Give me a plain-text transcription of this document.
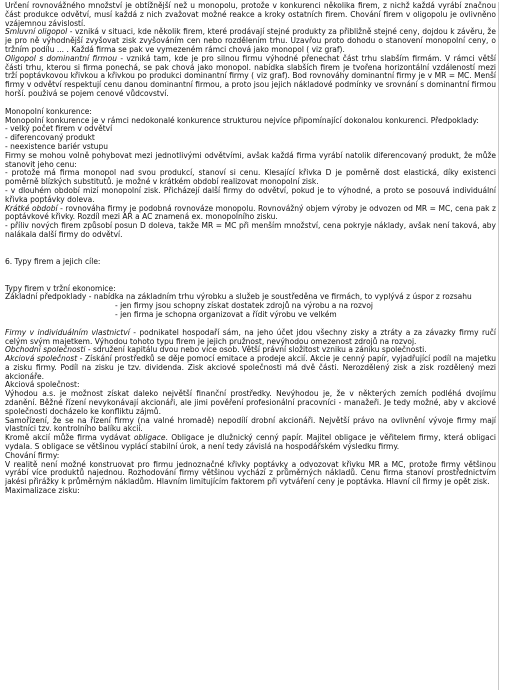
Určení rovnovážného množství je obtížnější než u monopolu, protože v konkurenci několika firem, z nichž každá vyrábí značnou část produkce odvětví, musí každá z nich zvažovat možné reakce a kroky ostatních firem. Chování firem v oligopolu je ovlivněno vzájemnou závislostí.

Smluvní oligopol - vzniká v situaci, kde několik firem, které prodávají stejné produkty za přibližně stejné ceny, dojdou k závěru, že je pro ně výhodnější zvyšovat zisk zvyšováním cen nebo rozdělením trhu. Uzavřou proto dohodu o stanovení monopolní ceny, o tržním podílu ... . Každá firma se pak ve vymezeném rámci chová jako monopol ( viz graf).

Oligopol s dominantní firmou - vzniká tam, kde je pro silnou firmu výhodné přenechat část trhu slabším firmám. V rámci větší části trhu, kterou si firma ponechá, se pak chová jako monopol. nabídka slabších firem je tvořena horizontální vzdáleností mezi trží poptávkovou křivkou a křivkou po produkci dominantní firmy ( viz graf). Bod rovnováhy dominantní firmy je v MR = MC. Menší firmy v odvětví respektují cenu danou dominantní firmou, a proto jsou jejich nákladové podmínky ve srovnání s dominantní firmou horší. použivá se pojem cenové vůdcovství.

Monopolní konkurence:

Monopolní konkurence je v rámci nedokonalé konkurence strukturou nejvíce připomínající dokonalou konkurenci. Předpoklady:

- velký počet firem v odvětví

- diferencovaný produkt

- neexistence bariér vstupu

Firmy se mohou volně pohybovat mezi jednotlivými odvětvími, avšak každá firma vyrábí natolik diferencovaný produkt, že může stanovit jeho cenu:

- protože má firma monopol nad svou produkcí, stanoví si cenu. Klesající křivka D je poměrně dost elastická, díky existenci poměrně blízkých substitutů. je možné v krátkém období realizovat monopolní zisk.

- v dlouhém období mizí monopolní zisk. Přicházejí další firmy do odvětví, pokud je to výhodné, a proto se posouvá individuální křivka poptávky doleva.

Krátké období - rovnováha firmy je podobná rovnováze monopolu. Rovnovážný objem výroby je odvozen od MR = MC, cena pak z poptávkové křivky. Rozdíl mezi AR a AC znamená ex. monopolního zisku.

- příliv nových firem způsobí posun D doleva, takže MR = MC při menším množství, cena pokryje náklady, avšak není taková, aby nalákala další firmy do odvětví.

6. Typy firem a jejich cíle:

Typy firem v tržní ekonomice:

Základní předpoklady - nabídka na základním trhu výrobku a služeb je soustředěna ve firmách, to vyplývá z úspor z rozsahu

- jen firmy jsou schopny získat dostatek zdrojů na výrobu a na rozvoj

- jen firma je schopna organizovat a řídit výrobu ve velkém

Firmy v individuálním vlastnictví - podnikatel hospodaří sám, na jeho účet jdou všechny zisky a ztráty a za závazky firmy ručí celým svým majetkem. Výhodou tohoto typu firem je jejich pružnost, nevýhodou omezenost zdrojů na rozvoj.

Obchodní společnosti - sdružení kapitálu dvou nebo více osob. Větší právní složitost vzniku a zániku společnosti.

Akciová společnost - Získání prostředků se děje pomocí emitace a prodeje akcií. Akcie je cenný papír, vyjadřující podíl na majetku a zisku firmy. Podíl na zisku je tzv. dividenda. Zisk akciové společnosti má dvě části. Nerozdělený zisk a zisk rozdělený mezi akcionáře.

Akciová společnost:

Výhodou a.s. je možnost získat daleko největší finanční prostředky. Nevýhodou je, že v některých zemích podléhá dvojímu zdanění. Běžné řízení nevykonávají akcionáři, ale jimi pověření profesionální pracovníci - manažeři. Je tedy možné, aby v akciové společnosti docházelo ke konfliktu zájmů.

Samořízení, že se na řízení firmy (na valné hromadě) nepodílí drobní akcionáři. Největší právo na ovlivnění vývoje firmy mají vlastníci tzv. kontrolního balíku akcií.

Kromě akcií může firma vydávat obligace. Obligace je dlužnický cenný papír. Majitel obligace je věřitelem firmy, která obligaci vydala. S obligace se většinou vyplácí stabilní úrok, a není tedy závislá na hospodářském výsledku firmy.

Chování firmy:

V realitě není možné konstruovat pro firmu jednoznačné křivky poptávky a odvozovat křivku MR a MC, protože firmy většinou vyrábí více produktů najednou. Rozhodování firmy většinou vychází z průměrných nákladů. Cenu firma stanoví prostřednictvím jakési přirážky k průměrným nákladům. Hlavním limitujícím faktorem při vytváření ceny je poptávka. Hlavní cíl firmy je opět zisk.

Maximalizace zisku:
